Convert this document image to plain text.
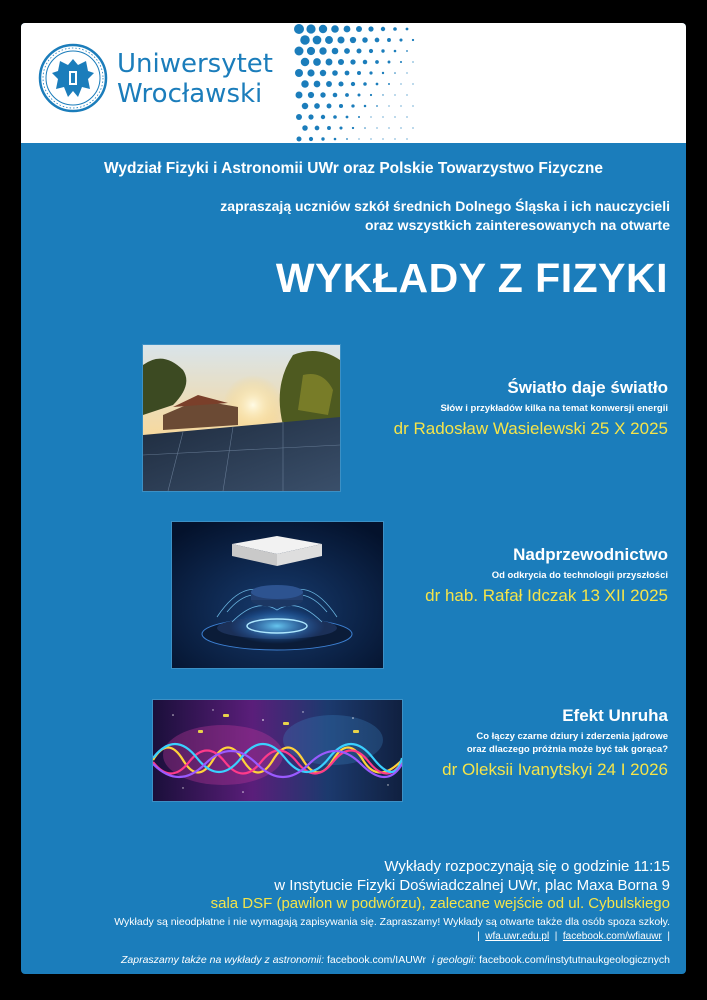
Uniwersytet
Wrocławski
Wydział Fizyki i Astronomii UWr oraz Polskie Towarzystwo Fizyczne
zapraszają uczniów szkół średnich Dolnego Śląska i ich nauczycieli
oraz wszystkich zainteresowanych na otwarte
WYKŁADY Z FIZYKI
Światło daje światło
Słów i przykładów kilka na temat konwersji energii
dr Radosław Wasielewski 25 X 2025
Nadprzewodnictwo
Od odkrycia do technologii przyszłości
dr hab. Rafał Idczak 13 XII 2025
Efekt Unruha
Co łączy czarne dziury i zderzenia jądrowe
oraz dlaczego próżnia może być tak gorąca?
dr Oleksii Ivanytskyi 24 I 2026
Wykłady rozpoczynają się o godzinie 11:15
w Instytucie Fizyki Doświadczalnej UWr, plac Maxa Borna 9
sala DSF (pawilon w podwórzu), zalecane wejście od ul. Cybulskiego
Wykłady są nieodpłatne i nie wymagają zapisywania się. Zapraszamy! Wykłady są otwarte także dla osób spoza szkoły.
|  wfa.uwr.edu.pl  |  facebook.com/wfiauwr  |
Zapraszamy także na wykłady z astronomii: facebook.com/IAUWr  i geologii: facebook.com/instytutnaukgeologicznych
